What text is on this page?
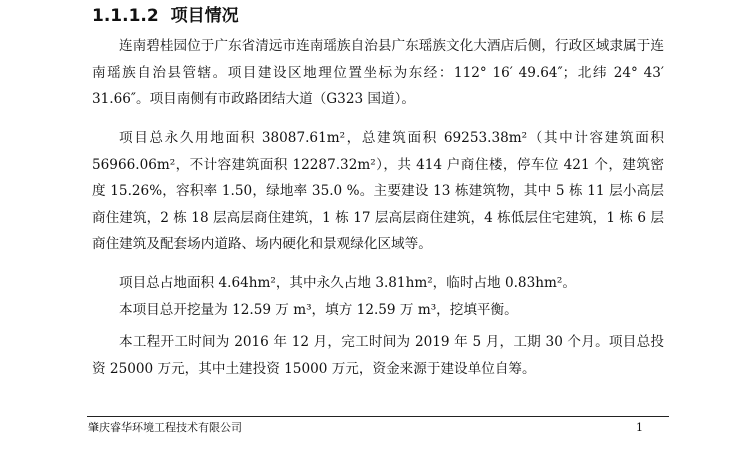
1.1.1.2 项目情况

连南碧桂园位于广东省清远市连南瑶族自治县广东瑶族文化大酒店后侧，行政区域隶属于连南瑶族自治县管辖。项目建设区地理位置坐标为东经：112° 16′ 49.64″；北纬 24° 43′ 31.66″。项目南侧有市政路团结大道（G323 国道）。

项目总永久用地面积 38087.61m²，总建筑面积 69253.38m²（其中计容建筑面积 56966.06m²，不计容建筑面积 12287.32m²），共 414 户商住楼，停车位 421 个，建筑密度 15.26%，容积率 1.50，绿地率 35.0 %。主要建设 13 栋建筑物，其中 5 栋 11 层小高层商住建筑，2 栋 18 层高层商住建筑，1 栋 17 层高层商住建筑，4 栋低层住宅建筑，1 栋 6 层商住建筑及配套场内道路、场内硬化和景观绿化区域等。

项目总占地面积 4.64hm²，其中永久占地 3.81hm²，临时占地 0.83hm²。

本项目总开挖量为 12.59 万 m³，填方 12.59 万 m³，挖填平衡。

本工程开工时间为 2016 年 12 月，完工时间为 2019 年 5 月，工期 30 个月。项目总投资 25000 万元，其中土建投资 15000 万元，资金来源于建设单位自筹。

肇庆睿华环境工程技术有限公司	1
